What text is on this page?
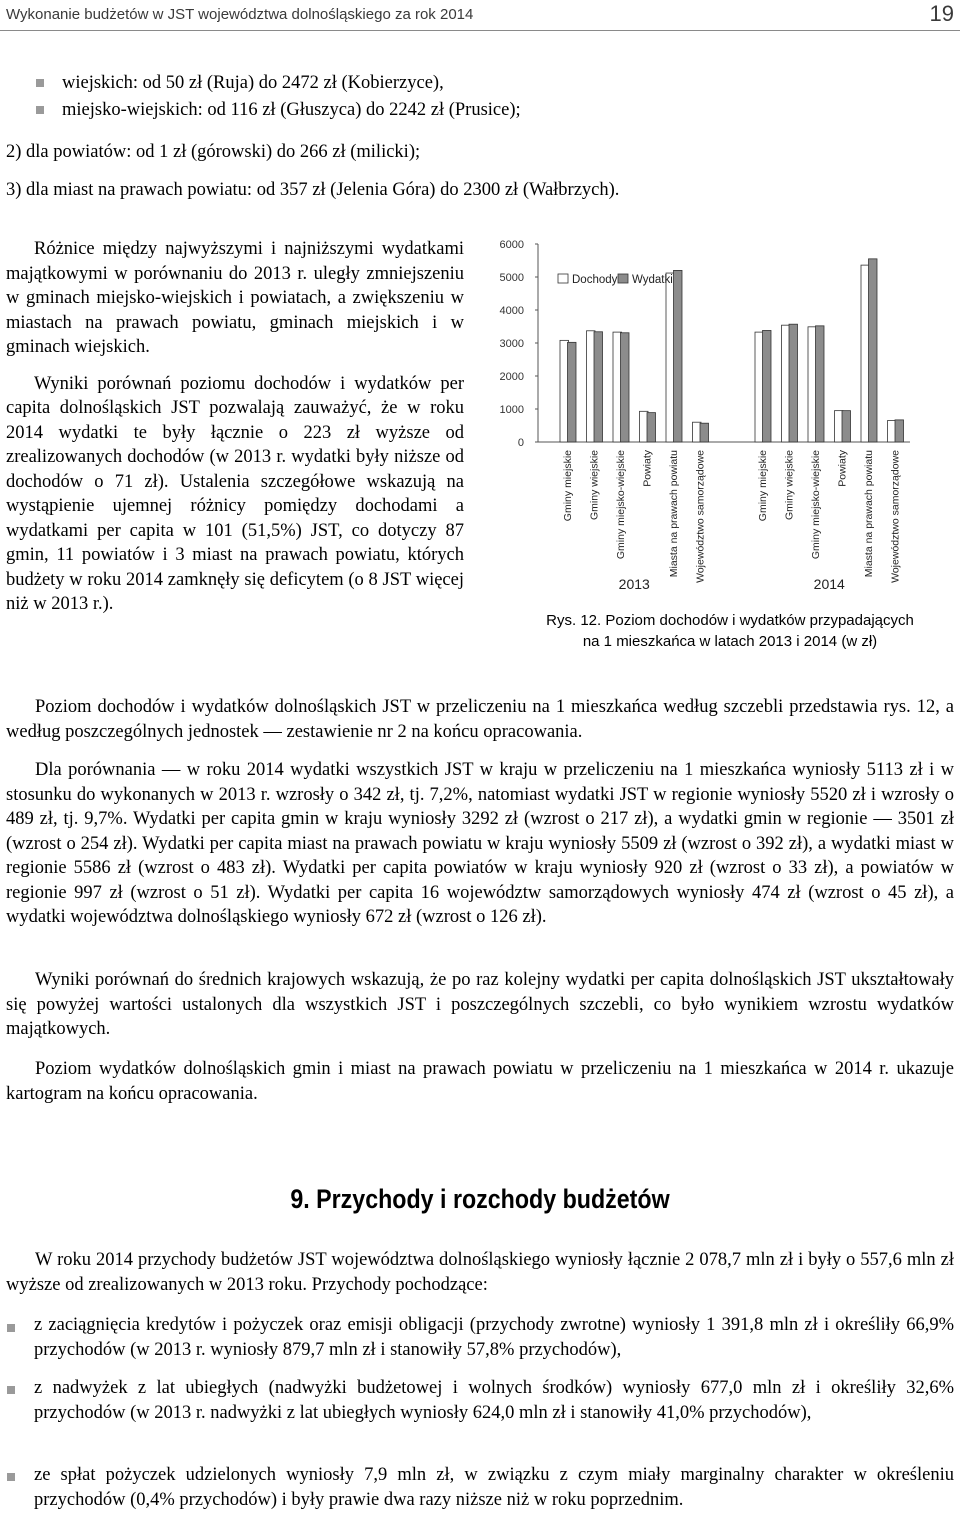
Wykonanie budżetów w JST województwa dolnośląskiego za rok 2014	19
wiejskich: od 50 zł (Ruja) do 2472 zł (Kobierzyce),
miejsko-wiejskich: od 116 zł (Głuszyca) do 2242 zł (Prusice);
2) dla powiatów: od 1 zł (górowski) do 266 zł (milicki);
3) dla miast na prawach powiatu: od 357 zł (Jelenia Góra) do 2300 zł (Wałbrzych).

Różnice między najwyższymi i najniższymi wydatkami majątkowymi w porównaniu do 2013 r. uległy zmniejszeniu w gminach miejsko-wiejskich i powiatach, a zwiększeniu w miastach na prawach powiatu, gminach miejskich i w gminach wiejskich.

Wyniki porównań poziomu dochodów i wydatków per capita dolnośląskich JST pozwalają zauważyć, że w roku 2014 wydatki te były łącznie o 223 zł wyższe od zrealizowanych dochodów (w 2013 r. wydatki były niższe od dochodów o 71 zł). Ustalenia szczegółowe wskazują na wystąpienie ujemnej różnicy pomiędzy dochodami a wydatkami per capita w 101 (51,5%) JST, co dotyczy 87 gmin, 11 powiatów i 3 miast na prawach powiatu, których budżety w roku 2014 zamknęły się deficytem (o 8 JST więcej niż w 2013 r.).

0
1000
2000
3000
4000
5000
6000
Gminy miejskie Gminy wiejskie Gminy miejsko-wiejskie Powiaty Miasta na prawach powiatu Województwo samorządowe	Gminy miejskie Gminy wiejskie Gminy miejsko-wiejskie Powiaty Miasta na prawach powiatu Województwo samorządowe
2013	2014
Dochody Wydatki
Rys. 12. Poziom dochodów i wydatków przypadających
na 1 mieszkańca w latach 2013 i 2014 (w zł)

Poziom dochodów i wydatków dolnośląskich JST w przeliczeniu na 1 mieszkańca według szczebli przedstawia rys. 12, a według poszczególnych jednostek — zestawienie nr 2 na końcu opracowania.

Dla porównania — w roku 2014 wydatki wszystkich JST w kraju w przeliczeniu na 1 mieszkańca wyniosły 5113 zł i w stosunku do wykonanych w 2013 r. wzrosły o 342 zł, tj. 7,2%, natomiast wydatki JST w regionie wyniosły 5520 zł i wzrosły o 489 zł, tj. 9,7%. Wydatki per capita gmin w kraju wyniosły 3292 zł (wzrost o 217 zł), a wydatki gmin w regionie — 3501 zł (wzrost o 254 zł). Wydatki per capita miast na prawach powiatu w kraju wyniosły 5509 zł (wzrost o 392 zł), a wydatki miast w regionie 5586 zł (wzrost o 483 zł). Wydatki per capita powiatów w kraju wyniosły 920 zł (wzrost o 33 zł), a powiatów w regionie 997 zł (wzrost o 51 zł). Wydatki per capita 16 województw samorządowych wyniosły 474 zł (wzrost o 45 zł), a wydatki województwa dolnośląskiego wyniosły 672 zł (wzrost o 126 zł).

Wyniki porównań do średnich krajowych wskazują, że po raz kolejny wydatki per capita dolnośląskich JST ukształtowały się powyżej wartości ustalonych dla wszystkich JST i poszczególnych szczebli, co było wynikiem wzrostu wydatków majątkowych.

Poziom wydatków dolnośląskich gmin i miast na prawach powiatu w przeliczeniu na 1 mieszkańca w 2014 r. ukazuje kartogram na końcu opracowania.

9. Przychody i rozchody budżetów

W roku 2014 przychody budżetów JST województwa dolnośląskiego wyniosły łącznie 2 078,7 mln zł i były o 557,6 mln zł wyższe od zrealizowanych w 2013 roku. Przychody pochodzące:

z zaciągnięcia kredytów i pożyczek oraz emisji obligacji (przychody zwrotne) wyniosły 1 391,8 mln zł i określiły 66,9% przychodów (w 2013 r. wyniosły 879,7 mln zł i stanowiły 57,8% przychodów),
z nadwyżek z lat ubiegłych (nadwyżki budżetowej i wolnych środków) wyniosły 677,0 mln zł i określiły 32,6% przychodów (w 2013 r. nadwyżki z lat ubiegłych wyniosły 624,0 mln zł i stanowiły 41,0% przychodów),
ze spłat pożyczek udzielonych wyniosły 7,9 mln zł, w związku z czym miały marginalny charakter w określeniu przychodów (0,4% przychodów) i były prawie dwa razy niższe niż w roku poprzednim.
